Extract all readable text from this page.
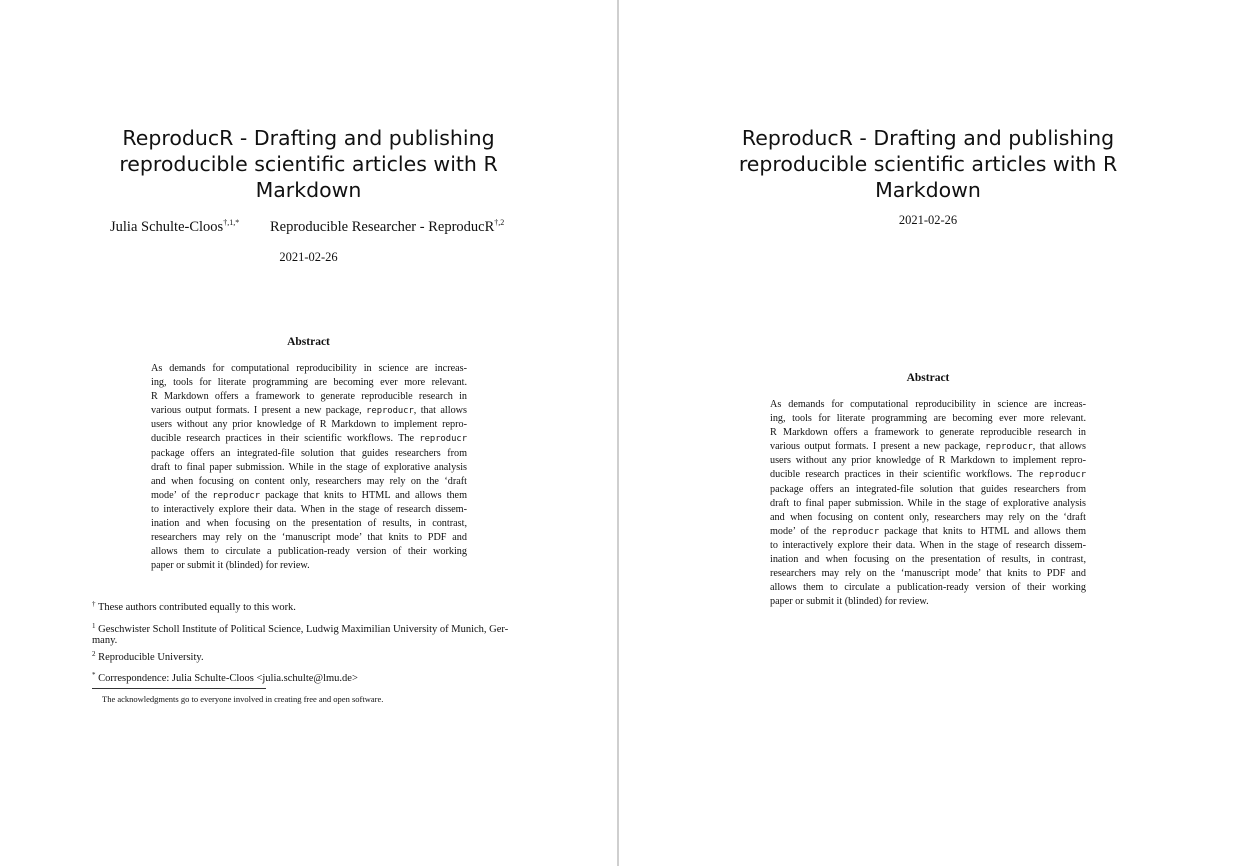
ReproducR - Drafting and publishing
reproducible scientific articles with R
Markdown
Julia Schulte-Cloos$^{\dagger,1,*}$ Reproducible Researcher - ReproducR$^{\dagger,2}$
2021-02-26
Abstract
As demands for computational reproducibility in science are increas-
ing, tools for literate programming are becoming ever more relevant.
R Markdown offers a framework to generate reproducible research in
various output formats. I present a new package, reproducr, that allows
users without any prior knowledge of R Markdown to implement repro-
ducible research practices in their scientific workflows. The reproducr
package offers an integrated-file solution that guides researchers from
draft to final paper submission. While in the stage of explorative analysis
and when focusing on content only, researchers may rely on the ‘draft
mode’ of the reproducr package that knits to HTML and allows them
to interactively explore their data. When in the stage of research dissem-
ination and when focusing on the presentation of results, in contrast,
researchers may rely on the ‘manuscript mode’ that knits to PDF and
allows them to circulate a publication-ready version of their working
paper or submit it (blinded) for review.
† These authors contributed equally to this work.
$^1$ Geschwister Scholl Institute of Political Science, Ludwig Maximilian University of Munich, Ger-
many.
$^2$ Reproducible University.
* Correspondence: Julia Schulte-Cloos <julia.schulte@lmu.de>
The acknowledgments go to everyone involved in creating free and open software.
ReproducR - Drafting and publishing
reproducible scientific articles with R
Markdown
2021-02-26
Abstract
As demands for computational reproducibility in science are increas-
ing, tools for literate programming are becoming ever more relevant.
R Markdown offers a framework to generate reproducible research in
various output formats. I present a new package, reproducr, that allows
users without any prior knowledge of R Markdown to implement repro-
ducible research practices in their scientific workflows. The reproducr
package offers an integrated-file solution that guides researchers from
draft to final paper submission. While in the stage of explorative analysis
and when focusing on content only, researchers may rely on the ‘draft
mode’ of the reproducr package that knits to HTML and allows them
to interactively explore their data. When in the stage of research dissem-
ination and when focusing on the presentation of results, in contrast,
researchers may rely on the ‘manuscript mode’ that knits to PDF and
allows them to circulate a publication-ready version of their working
paper or submit it (blinded) for review.
